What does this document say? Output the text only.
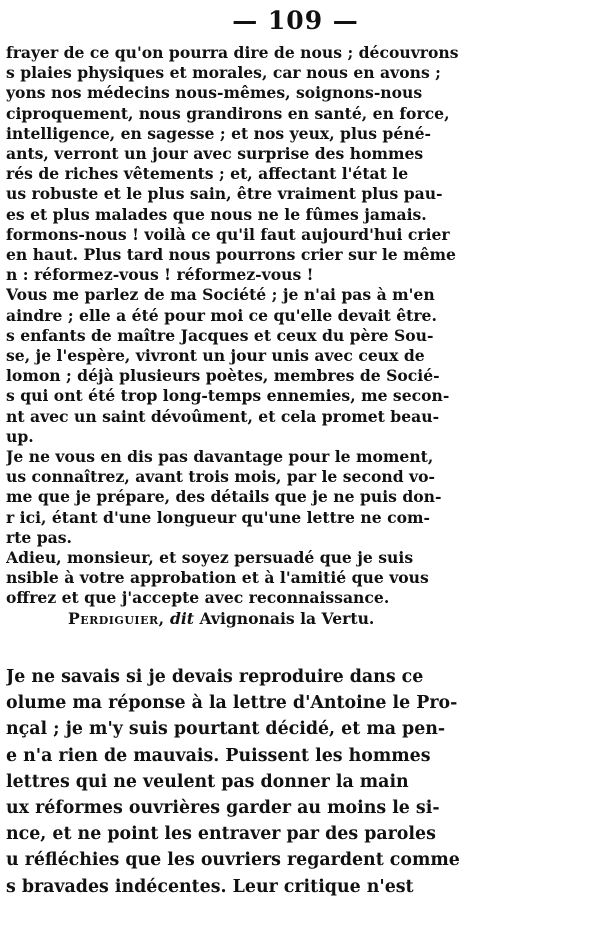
— 109 —
frayer de ce qu'on pourra dire de nous ; découvrons
s plaies physiques et morales, car nous en avons ;
yons nos médecins nous-mêmes, soignons-nous
ciproquement, nous grandirons en santé, en force,
intelligence, en sagesse ; et nos yeux, plus péné-
ants, verront un jour avec surprise des hommes
rés de riches vêtements ; et, affectant l'état le
us robuste et le plus sain, être vraiment plus pau-
es et plus malades que nous ne le fûmes jamais.
formons-nous ! voilà ce qu'il faut aujourd'hui crier
en haut. Plus tard nous pourrons crier sur le même
n : réformez-vous ! réformez-vous !
Vous me parlez de ma Société ; je n'ai pas à m'en
aindre ; elle a été pour moi ce qu'elle devait être.
s enfants de maître Jacques et ceux du père Sou-
se, je l'espère, vivront un jour unis avec ceux de
lomon ; déjà plusieurs poètes, membres de Socié-
s qui ont été trop long-temps ennemies, me secon-
nt avec un saint dévoûment, et cela promet beau-
up.
Je ne vous en dis pas davantage pour le moment,
us connaîtrez, avant trois mois, par le second vo-
me que je prépare, des détails que je ne puis don-
r ici, étant d'une longueur qu'une lettre ne com-
rte pas.
Adieu, monsieur, et soyez persuadé que je suis
nsible à votre approbation et à l'amitié que vous
offrez et que j'accepte avec reconnaissance.
Perdiguier, dit Avignonais la Vertu.
Je ne savais si je devais reproduire dans ce
olume ma réponse à la lettre d'Antoine le Pro-
nçal ; je m'y suis pourtant décidé, et ma pen-
e n'a rien de mauvais. Puissent les hommes
lettres qui ne veulent pas donner la main
ux réformes ouvrières garder au moins le si-
nce, et ne point les entraver par des paroles
u réfléchies que les ouvriers regardent comme
s bravades indécentes. Leur critique n'est
